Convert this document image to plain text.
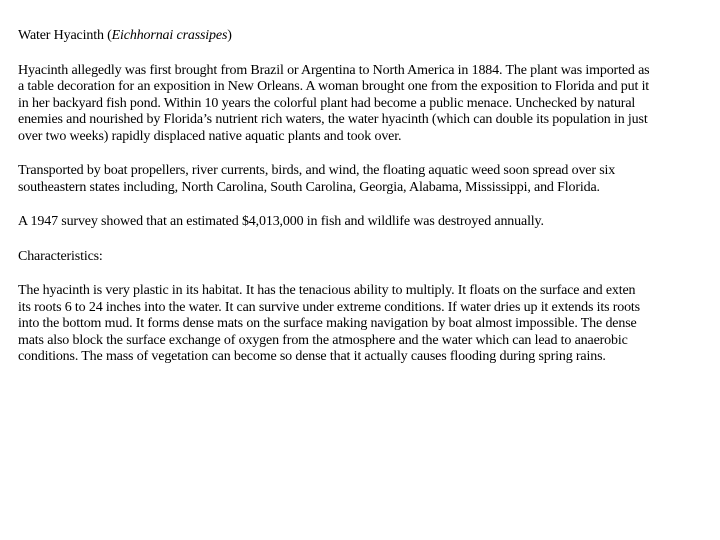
Water Hyacinth (Eichhornai crassipes)
Hyacinth allegedly was first brought from Brazil or Argentina to North America in 1884. The plant was imported as
a table decoration for an exposition in New Orleans. A woman brought one from the exposition to Florida and put it
in her backyard fish pond. Within 10 years the colorful plant had become a public menace. Unchecked by natural
enemies and nourished by Florida’s nutrient rich waters, the water hyacinth (which can double its population in just
over two weeks) rapidly displaced native aquatic plants and took over.
Transported by boat propellers, river currents, birds, and wind, the floating aquatic weed soon spread over six
southeastern states including, North Carolina, South Carolina, Georgia, Alabama, Mississippi, and Florida.
A 1947 survey showed that an estimated $4,013,000 in fish and wildlife was destroyed annually.
Characteristics:
The hyacinth is very plastic in its habitat. It has the tenacious ability to multiply. It floats on the surface and exten
its roots 6 to 24 inches into the water. It can survive under extreme conditions. If water dries up it extends its roots
into the bottom mud. It forms dense mats on the surface making navigation by boat almost impossible. The dense
mats also block the surface exchange of oxygen from the atmosphere and the water which can lead to anaerobic
conditions. The mass of vegetation can become so dense that it actually causes flooding during spring rains.
